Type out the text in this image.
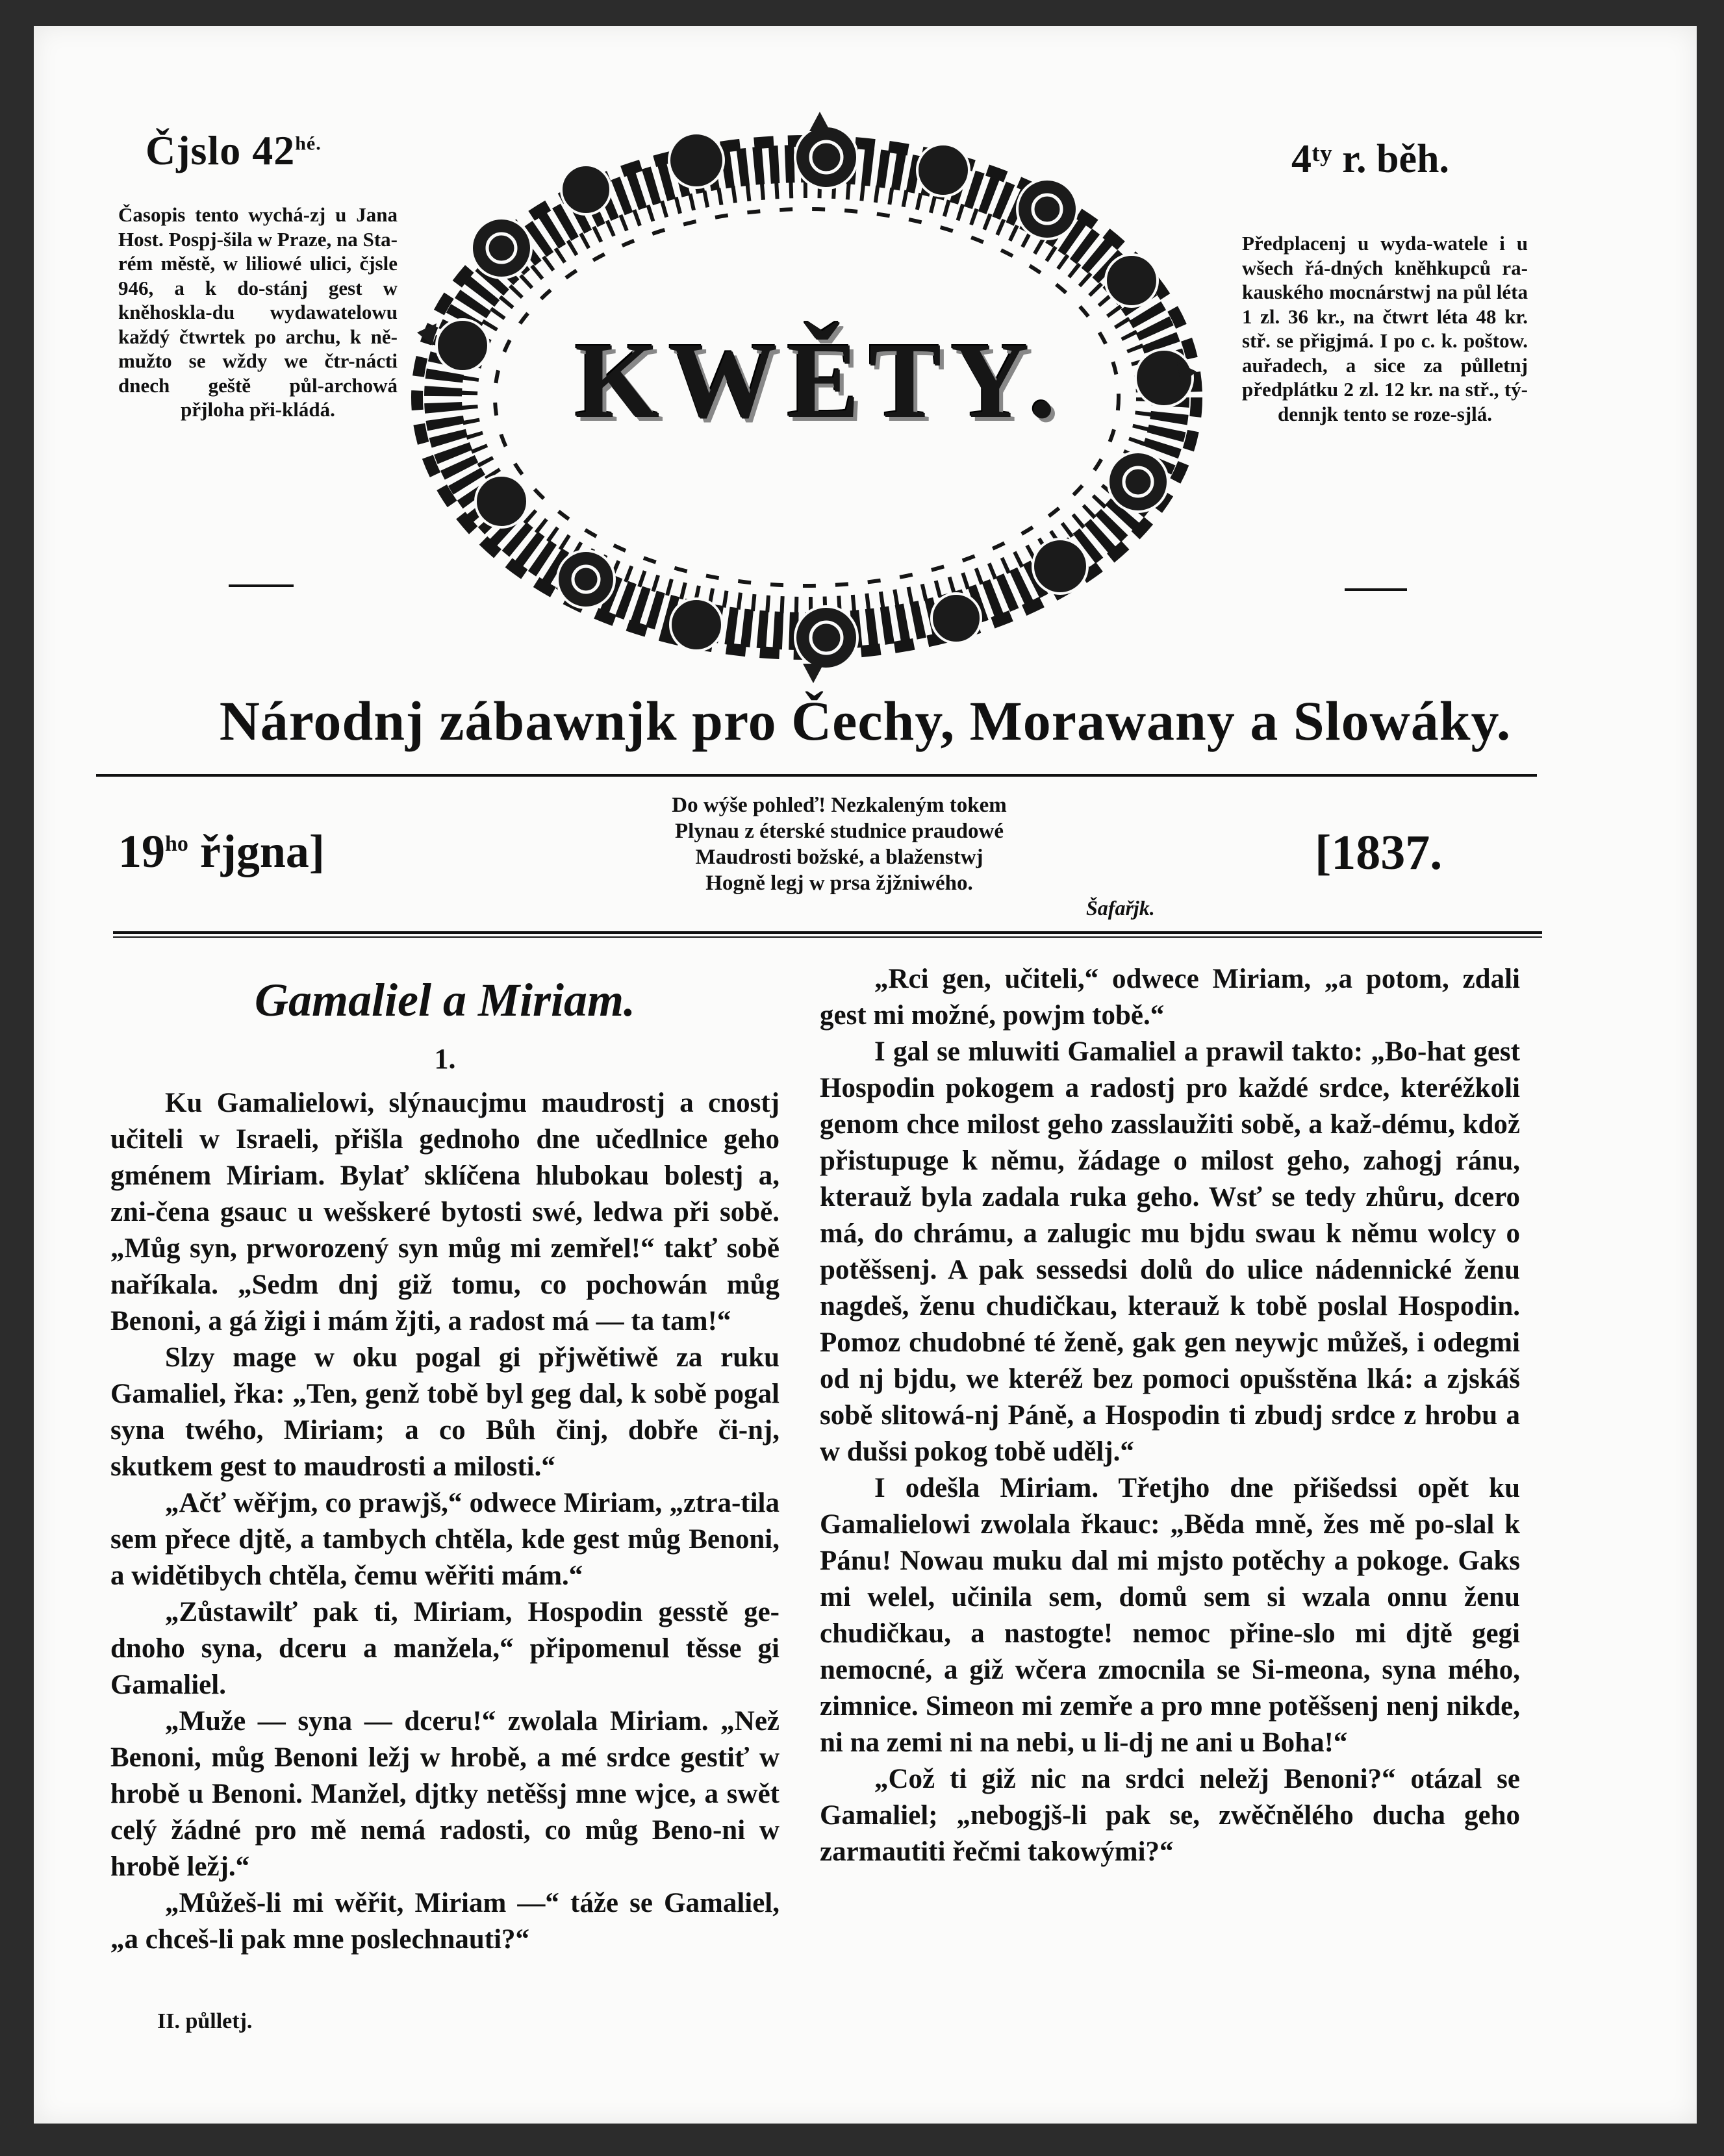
Čjslo $42^{hé.}$	4ᵗʸ r. běh.
Časopis tento wychá-zj u Jana Host. Pospj-šila w Praze, na Sta-rém městě, w liliowé ulici, čjsle 946, a k do-stánj gest w kněhoskla-du wydawatelowu každý čtwrtek po archu, k ně-mužto se wždy we čtr-nácti dnech geště půl-archowá přjloha při-kládá.
Předplacenj u wyda-watele i u wšech řá-dných kněhkupců ra-kauského mocnárstwj na půl léta 1 zl. 36 kr., na čtwrt léta 48 kr. stř. se přigjmá. I po c. k. poštow. auřadech, a sice za půlletnj předplátku 2 zl. 12 kr. na stř., tý-dennjk tento se roze-sjlá.
KWĚTY.
Národnj zábawnjk pro Čechy, Morawany a Slowáky.
$19^{ho}$ řjgna]
Do wýše pohleď! Nezkaleným tokem
Plynau z éterské studnice praudowé
Maudrosti božské, a blaženstwj
Hogně legj w prsa žjžniwého.
Šafařjk.
[1837.
Gamaliel a Miriam.
1.

Ku Gamalielowi, slýnaucjmu maudrostj a cnostj učiteli w Israeli, přišla gednoho dne učedlnice geho gménem Miriam. Bylať sklíčena hlubokau bolestj a, zni-čena gsauc u wešskeré bytosti swé, ledwa při sobě. „Můg syn, prworozený syn můg mi zemřel!“ takť sobě naříkala. „Sedm dnj giž tomu, co pochowán můg Benoni, a gá žigi i mám žjti, a radost má — ta tam!“

Slzy mage w oku pogal gi přjwětiwě za ruku Gamaliel, řka: „Ten, genž tobě byl geg dal, k sobě pogal syna twého, Miriam; a co Bůh činj, dobře či-nj, skutkem gest to maudrosti a milosti.“

„Ačť wěřjm, co prawjš,“ odwece Miriam, „ztra-tila sem přece djtě, a tambych chtěla, kde gest můg Benoni, a widětibych chtěla, čemu wěřiti mám.“

„Zůstawilť pak ti, Miriam, Hospodin gesstě ge-dnoho syna, dceru a manžela,“ připomenul těsse gi Gamaliel.

„Muže — syna — dceru!“ zwolala Miriam. „Než Benoni, můg Benoni ležj w hrobě, a mé srdce gestiť w hrobě u Benoni. Manžel, djtky netěšsj mne wjce, a swět celý žádné pro mě nemá radosti, co můg Beno-ni w hrobě ležj.“

„Můžeš-li mi wěřit, Miriam —“ táže se Gamaliel, „a chceš-li pak mne poslechnauti?“

„Rci gen, učiteli,“ odwece Miriam, „a potom, zdali gest mi možné, powjm tobě.“

I gal se mluwiti Gamaliel a prawil takto: „Bo-hat gest Hospodin pokogem a radostj pro každé srdce, kteréžkoli genom chce milost geho zasslaužiti sobě, a kaž-dému, kdož přistupuge k němu, žádage o milost geho, zahogj ránu, kterauž byla zadala ruka geho. Wsť se tedy zhůru, dcero má, do chrámu, a zalugic mu bjdu swau k němu wolcy o potěšsenj. A pak sessedsi dolů do ulice nádennické ženu nagdeš, ženu chudičkau, kterauž k tobě poslal Hospodin. Pomoz chudobné té ženě, gak gen neywjc můžeš, i odegmi od nj bjdu, we kteréž bez pomoci opušstěna lká: a zjskáš sobě slitowá-nj Páně, a Hospodin ti zbudj srdce z hrobu a w dušsi pokog tobě udělj.“

I odešla Miriam. Třetjho dne přišedssi opět ku Gamalielowi zwolala řkauc: „Běda mně, žes mě po-slal k Pánu! Nowau muku dal mi mjsto potěchy a pokoge. Gaks mi welel, učinila sem, domů sem si wzala onnu ženu chudičkau, a nastogte! nemoc přine-slo mi djtě gegi nemocné, a giž wčera zmocnila se Si-meona, syna mého, zimnice. Simeon mi zemře a pro mne potěšsenj nenj nikde, ni na zemi ni na nebi, u li-dj ne ani u Boha!“

„Což ti giž nic na srdci neležj Benoni?“ otázal se Gamaliel; „nebogjš-li pak se, zwěčnělého ducha geho zarmautiti řečmi takowými?“

II. půlletj.
